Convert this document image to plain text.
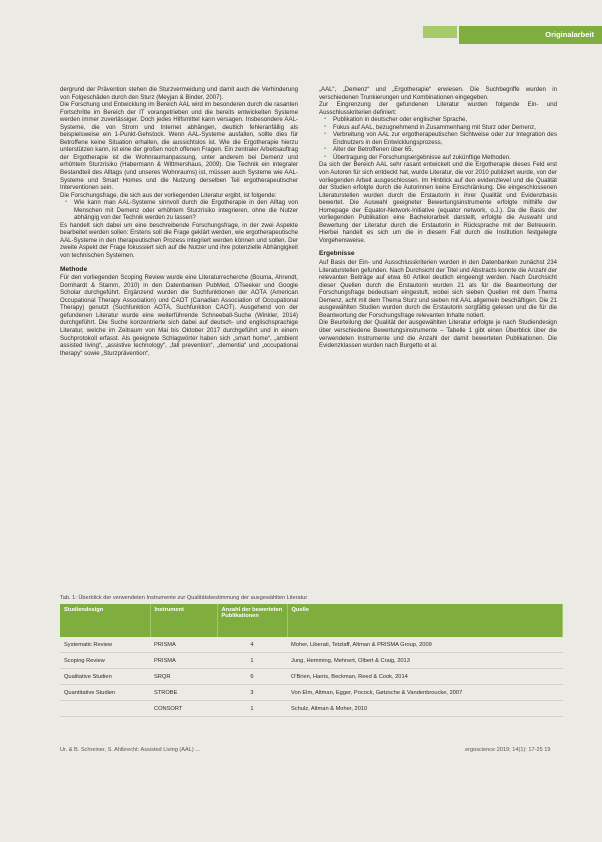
Originalarbeit

dergrund der Prävention stehen die Sturzvermeidung und damit auch die Verhinderung von Folgeschäden durch den Sturz (Meyjan & Binder, 2007).

Die Forschung und Entwicklung im Bereich AAL wird im besonderen durch die rasanten Fortschritte im Bereich der IT vorangetrieben und die bereits entwickelten Systeme werden immer zuverlässiger. Doch jedes Hilfsmittel kann versagen. Insbesondere AAL-Systeme, die von Strom und Internet abhängen, deutlich fehleranfällig als beispielsweise ein 1-Punkt-Gehstock. Wenn AAL-Systeme ausfallen, sollte dies für Betroffene keine Situation erhalten, die aussichtslos ist. Wie die Ergotherapie hierzu unterstützen kann, ist eine der großen noch offenen Fragen. Ein zentraler Arbeitsauftrag der Ergotherapie ist die Wohnraumanpassung, unter anderem bei Demenz und erhöhtem Sturzrisiko (Habermann & Wittmershaus, 2009). Die Technik ein integraler Bestandteil des Alltags (und unseres Wohnraums) ist, müssen auch Systeme wie AAL-Systeme und Smart Homes und die Nutzung derselben Teil ergotherapeutischer Interventionen sein.

Die Forschungsfrage, die sich aus der vorliegenden Literatur ergibt, ist folgende:

▪ Wie kann man AAL-Systeme sinnvoll durch die Ergotherapie in den Alltag von Menschen mit Demenz oder erhöhtem Sturzrisiko integrieren, ohne die Nutzer abhängig von der Technik werden zu lassen?

Es handelt sich dabei um eine beschreibende Forschungsfrage, in der zwei Aspekte bearbeitet werden sollen: Erstens soll die Frage geklärt werden, wie ergotherapeutische AAL-Systeme in den therapeutischen Prozess integriert werden können und sollen. Der zweite Aspekt der Frage fokussiert sich auf die Nutzer und ihre potenzielle Abhängigkeit von technischen Systemen.

Methode

Für den vorliegenden Scoping Review wurde eine Literaturrecherche (Bouma, Ahrendt, Dornhardt & Stamm, 2010) in den Datenbanken PubMed, OTseeker und Google Scholar durchgeführt. Ergänzend wurden die Suchfunktionen der AOTA (American Occupational Therapy Association) und CAOT (Canadian Association of Occupational Therapy) genutzt (Suchfunktion AOTA, Suchfunktion CAOT). Ausgehend von der gefundenen Literatur wurde eine weiterführende Schneeball-Suche (Winkler, 2014) durchgeführt. Die Suche konzentrierte sich dabei auf deutsch- und englischsprachige Literatur, welche im Zeitraum von Mai bis Oktober 2017 durchgeführt und in einem Suchprotokoll erfasst. Als geeignete Schlagwörter haben sich „smart home“, „ambient assisted living“, „assistive technology“, „fall prevention“, „dementia“ und „occupational therapy“ sowie „Sturzprävention“,

„AAL“, „Demenz“ und „Ergotherapie“ erwiesen. Die Suchbegriffe wurden in verschiedenen Trunkierungen und Kombinationen eingegeben.

Zur Eingrenzung der gefundenen Literatur wurden folgende Ein- und Ausschlusskriterien definiert:

▪ Publikation in deutscher oder englischer Sprache,
▪ Fokus auf AAL, bezugnehmend in Zusammenhang mit Sturz oder Demenz,
▪ Verbreitung von AAL zur ergotherapeutischen Sichtweise oder zur Integration des Endnutzers in den Entwicklungsprozess,
▪ Alter der Betroffenen über 65,
▪ Übertragung der Forschungsergebnisse auf zukünftige Methoden.

Da sich der Bereich AAL sehr rasant entwickelt und die Ergotherapie dieses Feld erst von Autoren für sich entdeckt hat, wurde Literatur, die vor 2010 publiziert wurde, von der vorliegenden Arbeit ausgeschlossen. Im Hinblick auf den evidenzlevel und die Qualität der Studien erfolgte durch die Autorinnen keine Einschränkung. Die eingeschlossenen Literaturstellen wurden durch die Erstautorin in ihrer Qualität und Evidenzbasis bewertet. Die Auswahl geeigneter Bewertungsinstrumente erfolgte mithilfe der Homepage der Equator-Network-Initiative (equator network, o.J.). Da die Basis der vorliegenden Publikation eine Bachelorarbeit darstellt, erfolgte die Auswahl und Bewertung der Literatur durch die Erstautorin in Rücksprache mit der Betreuerin. Hierbei handelt es sich um die in diesem Fall durch die Institution festgelegte Vorgehensweise.

Ergebnisse

Auf Basis der Ein- und Ausschlusskriterien wurden in den Datenbanken zunächst 234 Literaturstellen gefunden. Nach Durchsicht der Titel und Abstracts konnte die Anzahl der relevanten Beiträge auf etwa 60 Artikel deutlich eingeengt werden. Nach Durchsicht dieser Quellen durch die Erstautorin wurden 21 als für die Beantwortung der Forschungsfrage bedeutsam eingestuft, wobei sich sieben Quellen mit dem Thema Demenz, acht mit dem Thema Sturz und sieben mit AAL allgemein beschäftigen. Die 21 ausgewählten Studien wurden durch die Erstautorin sorgfältig gelesen und die für die Beantwortung der Forschungsfrage relevanten Inhalte notiert.

Die Beurteilung der Qualität der ausgewählten Literatur erfolgte je nach Studiendesign über verschiedene Bewertungsinstrumente – Tabelle 1 gibt einen Überblick über die verwendeten Instrumente und die Anzahl der damit bewerteten Publikationen. Die Evidenzklassen wurden nach Burgetto et al.

Tab. 1: Überblick der verwendeten Instrumente zur Qualitätsbestimmung der ausgewählten Literatur
Studiendesign	Instrument	Anzahl der bewerteten Publikationen	Quelle
Systematic Review	PRISMA	4	Moher, Liberati, Tetzlaff, Altman & PRISMA Group, 2009
Scoping Review	PRISMA	1	Jung, Hemming, Mehnert, Olbert & Craig, 2013
Qualitative Studien	SRQR	6	O'Brien, Harris, Beckman, Reed & Cook, 2014
Quantitative Studien	STROBE	3	Von Elm, Altman, Egger, Pocock, Gøtzsche & Vandenbroucke, 2007
	CONSORT	1	Schulz, Altman & Moher, 2010
Ur. & B. Schreiner, S. Ahlbrecht: Assisted Living (AAL) ...	ergoscience 2019; 14(1): 17-25 19
